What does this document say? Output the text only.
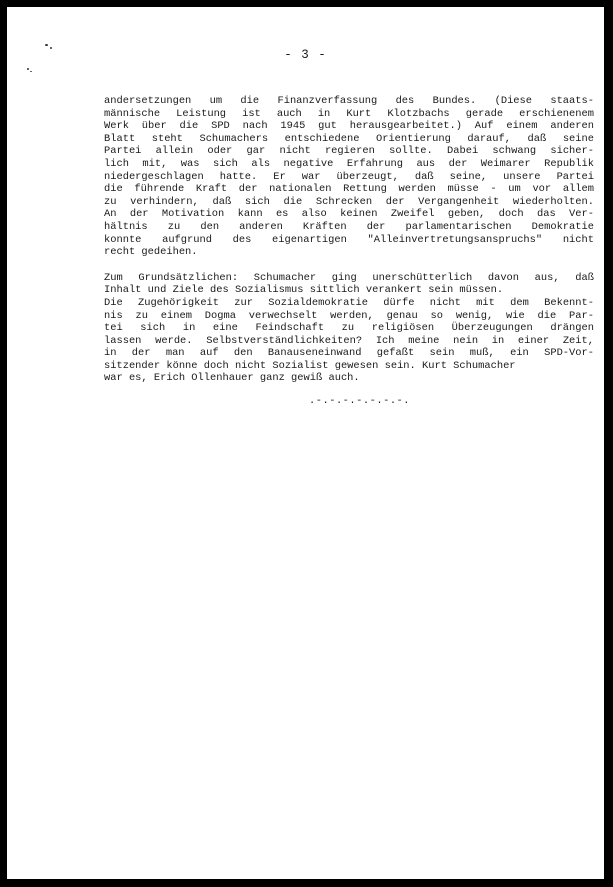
- 3 -
andersetzungen um die Finanzverfassung des Bundes. (Diese staats-
männische Leistung ist auch in Kurt Klotzbachs gerade erschienenem
Werk über die SPD nach 1945 gut herausgearbeitet.) Auf einem anderen
Blatt steht Schumachers entschiedene Orientierung darauf, daß seine
Partei allein oder gar nicht regieren sollte. Dabei schwang sicher-
lich mit, was sich als negative Erfahrung aus der Weimarer Republik
niedergeschlagen hatte. Er war überzeugt, daß seine, unsere Partei
die führende Kraft der nationalen Rettung werden müsse - um vor allem
zu verhindern, daß sich die Schrecken der Vergangenheit wiederholten.
An der Motivation kann es also keinen Zweifel geben, doch das Ver-
hältnis zu den anderen Kräften der parlamentarischen Demokratie
konnte aufgrund des eigenartigen "Alleinvertretungsanspruchs" nicht
recht gedeihen.
Zum Grundsätzlichen: Schumacher ging unerschütterlich davon aus, daß
Inhalt und Ziele des Sozialismus sittlich verankert sein müssen.
Die Zugehörigkeit zur Sozialdemokratie dürfe nicht mit dem Bekennt-
nis zu einem Dogma verwechselt werden, genau so wenig, wie die Par-
tei sich in eine Feindschaft zu religiösen Überzeugungen drängen
lassen werde. Selbstverständlichkeiten? Ich meine nein in einer Zeit,
in der man auf den Banauseneinwand gefaßt sein muß, ein SPD-Vor-
sitzender könne doch nicht Sozialist gewesen sein. Kurt Schumacher
war es, Erich Ollenhauer ganz gewiß auch.
.-.-.-.-.-.-.-.
